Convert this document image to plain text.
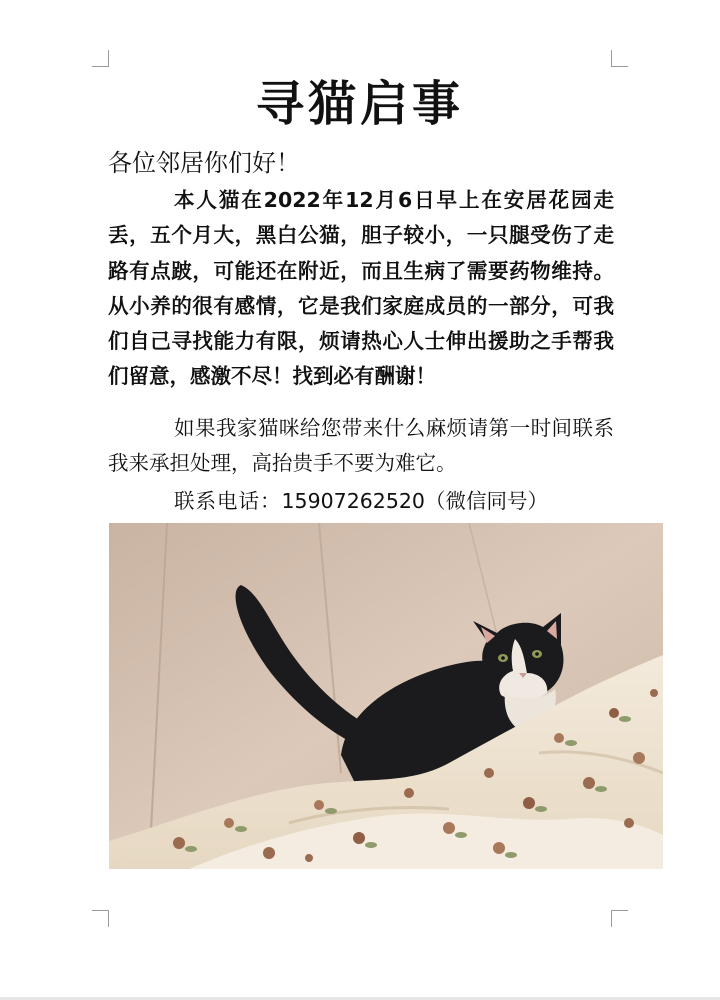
寻猫启事
各位邻居你们好！
本人猫在2022年12月6日早上在安居花园走丢，五个月大，黑白公猫，胆子较小，一只腿受伤了走路有点跛，可能还在附近，而且生病了需要药物维持。从小养的很有感情，它是我们家庭成员的一部分，可我们自己寻找能力有限，烦请热心人士伸出援助之手帮我们留意，感激不尽！找到必有酬谢！
如果我家猫咪给您带来什么麻烦请第一时间联系我来承担处理，高抬贵手不要为难它。
联系电话：15907262520（微信同号）
